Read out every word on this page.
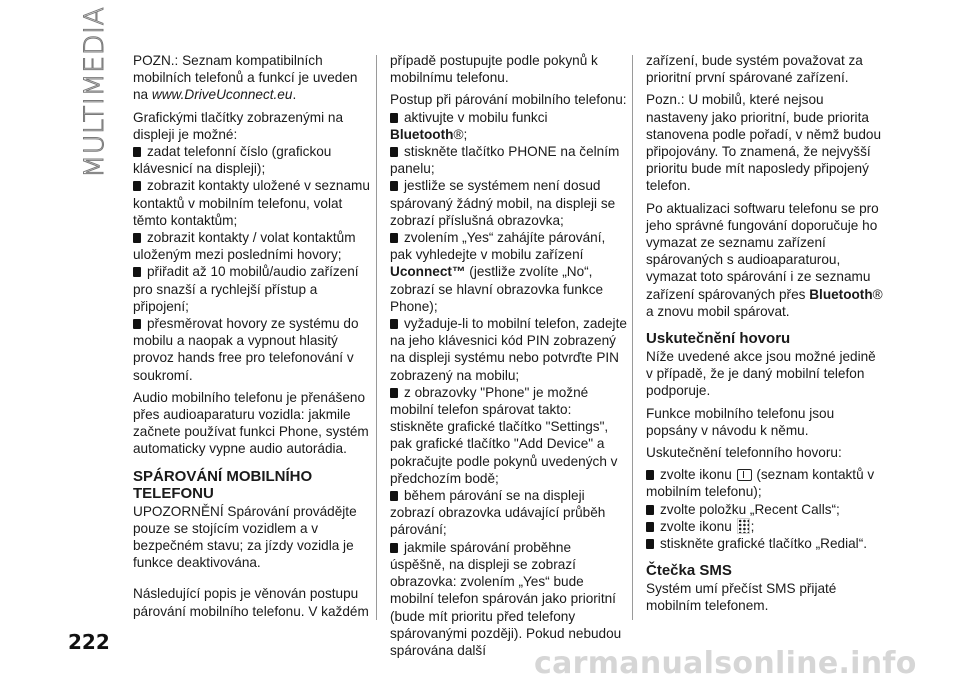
MULTIMEDIA
222
carmanualsonline.info

POZN.: Seznam kompatibilních mobilních telefonů a funkcí je uveden na www.DriveUconnect.eu.

Grafickými tlačítky zobrazenými na displeji je možné:

zadat telefonní číslo (grafickou klávesnicí na displeji);

zobrazit kontakty uložené v seznamu kontaktů v mobilním telefonu, volat těmto kontaktům;

zobrazit kontakty / volat kontaktům uloženým mezi posledními hovory;

přiřadit až 10 mobilů/audio zařízení pro snazší a rychlejší přístup a připojení;

přesměrovat hovory ze systému do mobilu a naopak a vypnout hlasitý provoz hands free pro telefonování v soukromí.

Audio mobilního telefonu je přenášeno přes audioaparaturu vozidla: jakmile začnete používat funkci Phone, systém automaticky vypne audio autorádia.

SPÁROVÁNÍ MOBILNÍHO TELEFONU

UPOZORNĚNÍ Spárování provádějte pouze se stojícím vozidlem a v bezpečném stavu; za jízdy vozidla je funkce deaktivována.

Následující popis je věnován postupu párování mobilního telefonu. V každém

případě postupujte podle pokynů k mobilnímu telefonu.

Postup při párování mobilního telefonu:

aktivujte v mobilu funkci
Bluetooth®;

stiskněte tlačítko PHONE na čelním panelu;

jestliže se systémem není dosud spárovaný žádný mobil, na displeji se zobrazí příslušná obrazovka;

zvolením „Yes“ zahájíte párování, pak vyhledejte v mobilu zařízení Uconnect™ (jestliže zvolíte „No“, zobrazí se hlavní obrazovka funkce Phone);

vyžaduje-li to mobilní telefon, zadejte na jeho klávesnici kód PIN zobrazený na displeji systému nebo potvrďte PIN zobrazený na mobilu;

z obrazovky "Phone" je možné mobilní telefon spárovat takto: stiskněte grafické tlačítko "Settings", pak grafické tlačítko "Add Device" a pokračujte podle pokynů uvedených v předchozím bodě;

během párování se na displeji zobrazí obrazovka udávající průběh párování;

jakmile spárování proběhne úspěšně, na displeji se zobrazí obrazovka: zvolením „Yes“ bude mobilní telefon spárován jako prioritní (bude mít prioritu před telefony spárovanými později). Pokud nebudou spárována další

zařízení, bude systém považovat za prioritní první spárované zařízení.

Pozn.: U mobilů, které nejsou nastaveny jako prioritní, bude priorita stanovena podle pořadí, v němž budou připojovány. To znamená, že nejvyšší prioritu bude mít naposledy připojený telefon.

Po aktualizaci softwaru telefonu se pro jeho správné fungování doporučuje ho vymazat ze seznamu zařízení spárovaných s audioaparaturou, vymazat toto spárování i ze seznamu zařízení spárovaných přes Bluetooth® a znovu mobil spárovat.

Uskutečnění hovoru

Níže uvedené akce jsou možné jedině v případě, že je daný mobilní telefon podporuje.

Funkce mobilního telefonu jsou popsány v návodu k němu.

Uskutečnění telefonního hovoru:

zvolte ikonu (seznam kontaktů v mobilním telefonu);

zvolte položku „Recent Calls“;

zvolte ikonu ;

stiskněte grafické tlačítko „Redial“.

Čtečka SMS

Systém umí přečíst SMS přijaté mobilním telefonem.
